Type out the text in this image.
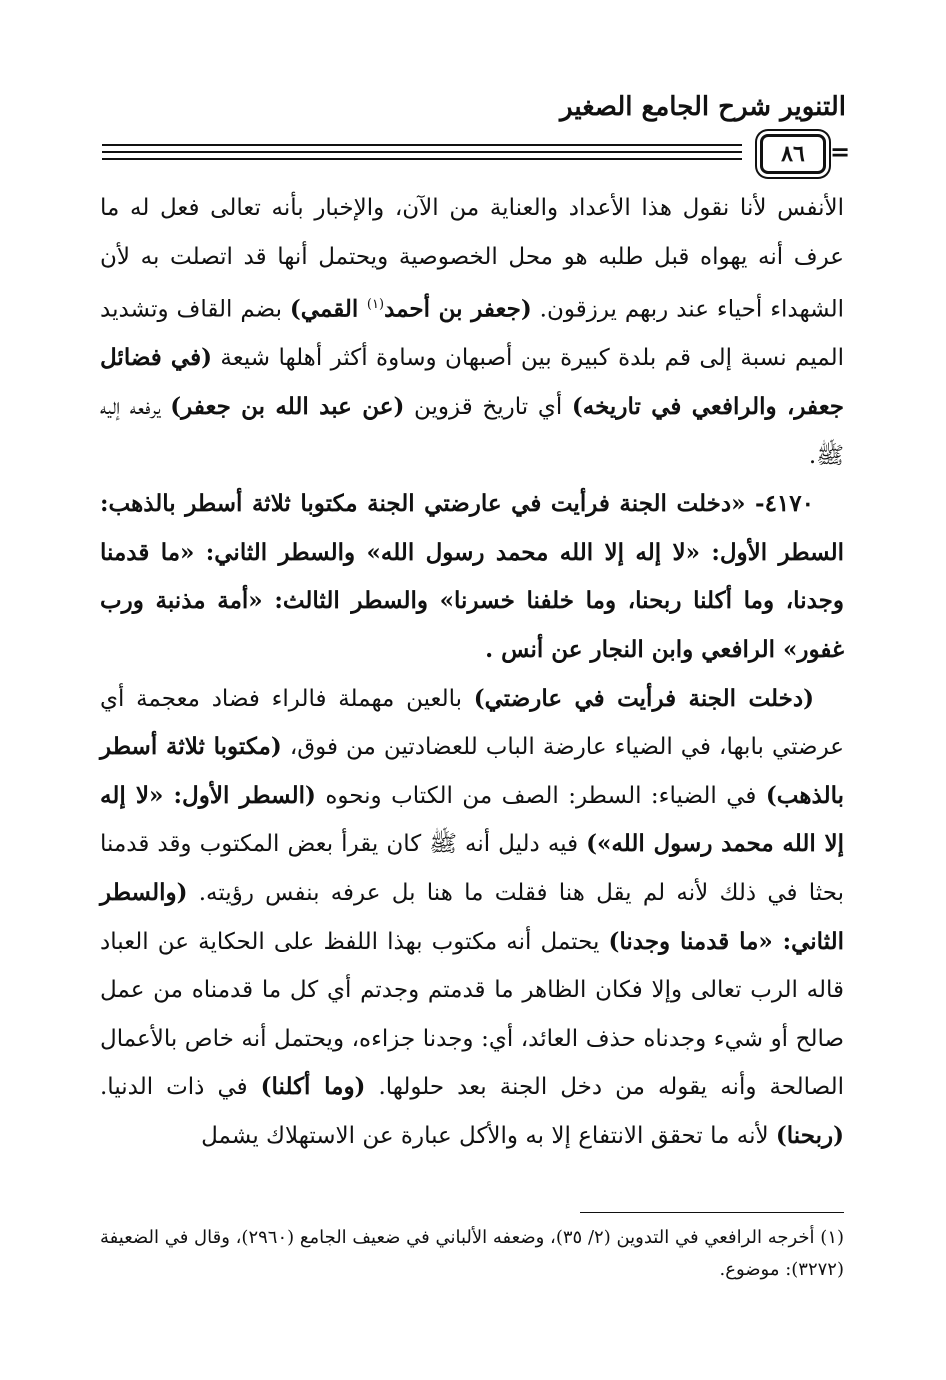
التنوير شرح الجامع الصغير
٨٦ =

الأنفس لأنا نقول هذا الأعداد والعناية من الآن، والإخبار بأنه تعالى فعل له ما عرف أنه يهواه قبل طلبه هو محل الخصوصية ويحتمل أنها قد اتصلت به لأن الشهداء أحياء عند ربهم يرزقون. (جعفر بن أحمد$^{(١)}$ القمي) بضم القاف وتشديد الميم نسبة إلى قم بلدة كبيرة بين أصبهان وساوة أكثر أهلها شيعة (في فضائل جعفر، والرافعي في تاريخه) أي تاريخ قزوين (عن عبد الله بن جعفر) يرفعه إليه ﷺ.

٤١٧٠- «دخلت الجنة فرأيت في عارضتي الجنة مكتوبا ثلاثة أسطر بالذهب: السطر الأول: «لا إله إلا الله محمد رسول الله» والسطر الثاني: «ما قدمنا وجدنا، وما أكلنا ربحنا، وما خلفنا خسرنا» والسطر الثالث: «أمة مذنبة ورب غفور» الرافعي وابن النجار عن أنس .

(دخلت الجنة فرأيت في عارضتي) بالعين مهملة فالراء فضاد معجمة أي عرضتي بابها، في الضياء عارضة الباب للعضادتين من فوق، (مكتوبا ثلاثة أسطر بالذهب) في الضياء: السطر: الصف من الكتاب ونحوه (السطر الأول: «لا إله إلا الله محمد رسول الله») فيه دليل أنه ﷺ كان يقرأ بعض المكتوب وقد قدمنا بحثا في ذلك لأنه لم يقل هنا فقلت ما هنا بل عرفه بنفس رؤيته. (والسطر الثاني: «ما قدمنا وجدنا) يحتمل أنه مكتوب بهذا اللفظ على الحكاية عن العباد قاله الرب تعالى وإلا فكان الظاهر ما قدمتم وجدتم أي كل ما قدمناه من عمل صالح أو شيء وجدناه حذف العائد، أي: وجدنا جزاءه، ويحتمل أنه خاص بالأعمال الصالحة وأنه يقوله من دخل الجنة بعد حلولها. (وما أكلنا) في ذات الدنيا. (ربحنا) لأنه ما تحقق الانتفاع إلا به والأكل عبارة عن الاستهلاك يشمل

(١) أخرجه الرافعي في التدوين (٢/ ٣٥)، وضعفه الألباني في ضعيف الجامع (٢٩٦٠)، وقال في الضعيفة (٣٢٧٢): موضوع.
